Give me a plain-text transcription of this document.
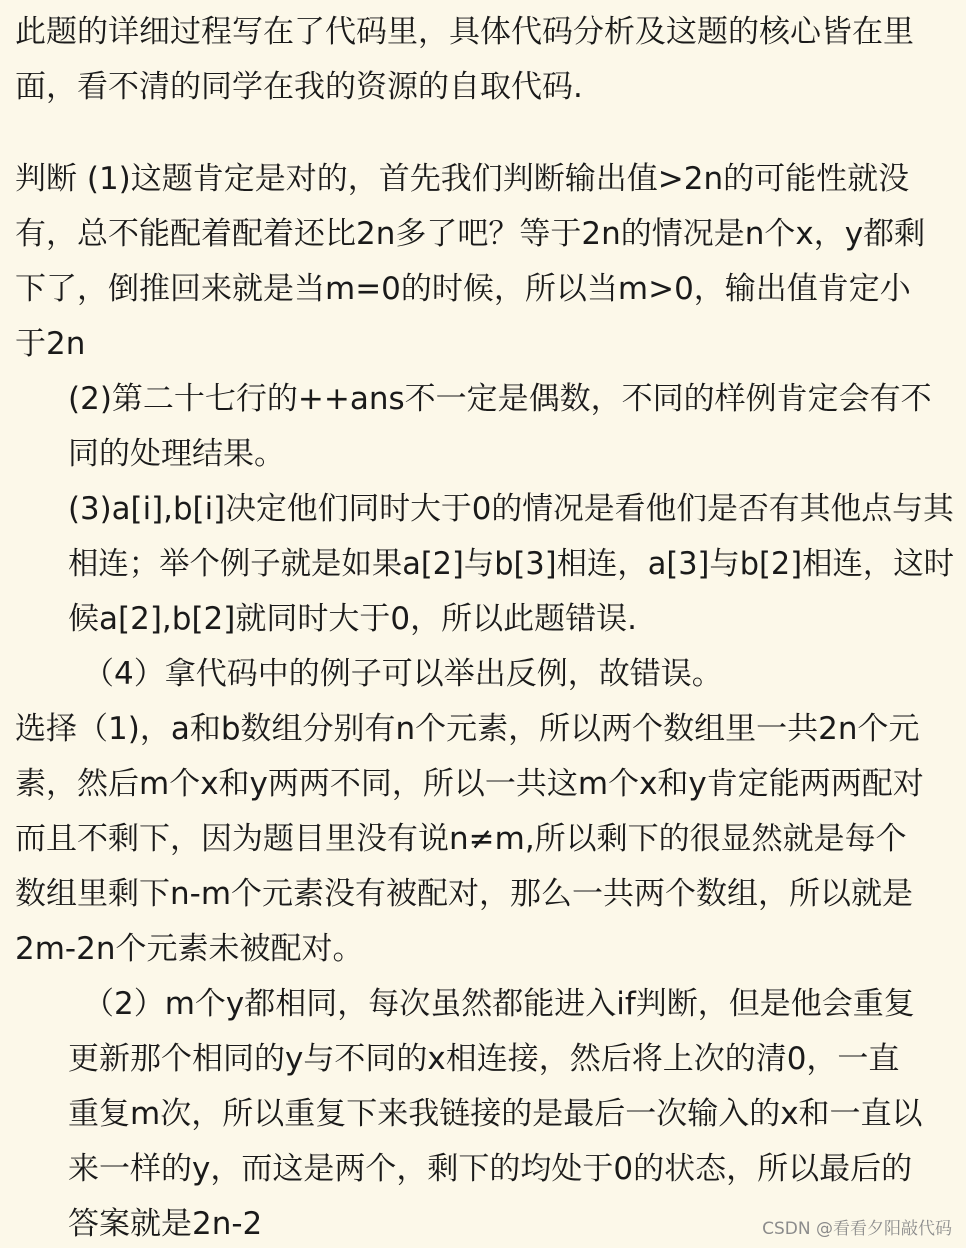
此题的详细过程写在了代码里，具体代码分析及这题的核心皆在里
面，看不清的同学在我的资源的自取代码.
判断 (1)这题肯定是对的，首先我们判断输出值>2n的可能性就没
有，总不能配着配着还比2n多了吧？等于2n的情况是n个x，y都剩
下了，倒推回来就是当m=0的时候，所以当m>0，输出值肯定小
于2n
(2)第二十七行的++ans不一定是偶数，不同的样例肯定会有不
同的处理结果。
(3)a[i],b[i]决定他们同时大于0的情况是看他们是否有其他点与其
相连；举个例子就是如果a[2]与b[3]相连，a[3]与b[2]相连，这时
候a[2],b[2]就同时大于0，所以此题错误.
（4）拿代码中的例子可以举出反例，故错误。
选择（1)，a和b数组分别有n个元素，所以两个数组里一共2n个元
素，然后m个x和y两两不同，所以一共这m个x和y肯定能两两配对
而且不剩下，因为题目里没有说n≠m,所以剩下的很显然就是每个
数组里剩下n-m个元素没有被配对，那么一共两个数组，所以就是
2m-2n个元素未被配对。
（2）m个y都相同，每次虽然都能进入if判断，但是他会重复
更新那个相同的y与不同的x相连接，然后将上次的清0，一直
重复m次，所以重复下来我链接的是最后一次输入的x和一直以
来一样的y，而这是两个，剩下的均处于0的状态，所以最后的
答案就是2n-2	CSDN @看看夕阳敲代码
